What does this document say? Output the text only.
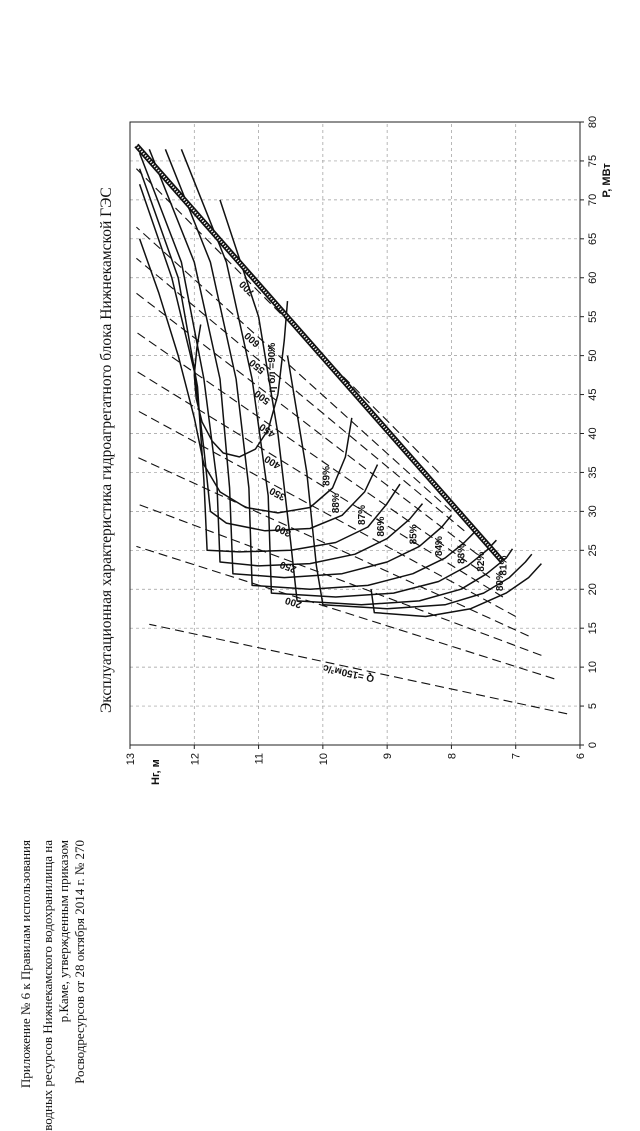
Приложение № 6 к Правилам использования водных ресурсов Нижнекамского водохранилища на р.Каме, утвержденным приказом Росводресурсов от 28 октября 2014 г. № 270
Эксплуатационная характеристика гидроагрегатного блока Нижнекамской ГЭС
0
5
10
15
20
25
30
35
40
45
50
55
60
65
70
75
80
6
7
8
9
10
11
12
13
P, МВт
Нг, м
Q =150м³/с
200
250
300
350
400
450
500
550
600
700
η бл =90%
89%
88%
87%
86% 85%
84% 83% 82% 81%
80%
